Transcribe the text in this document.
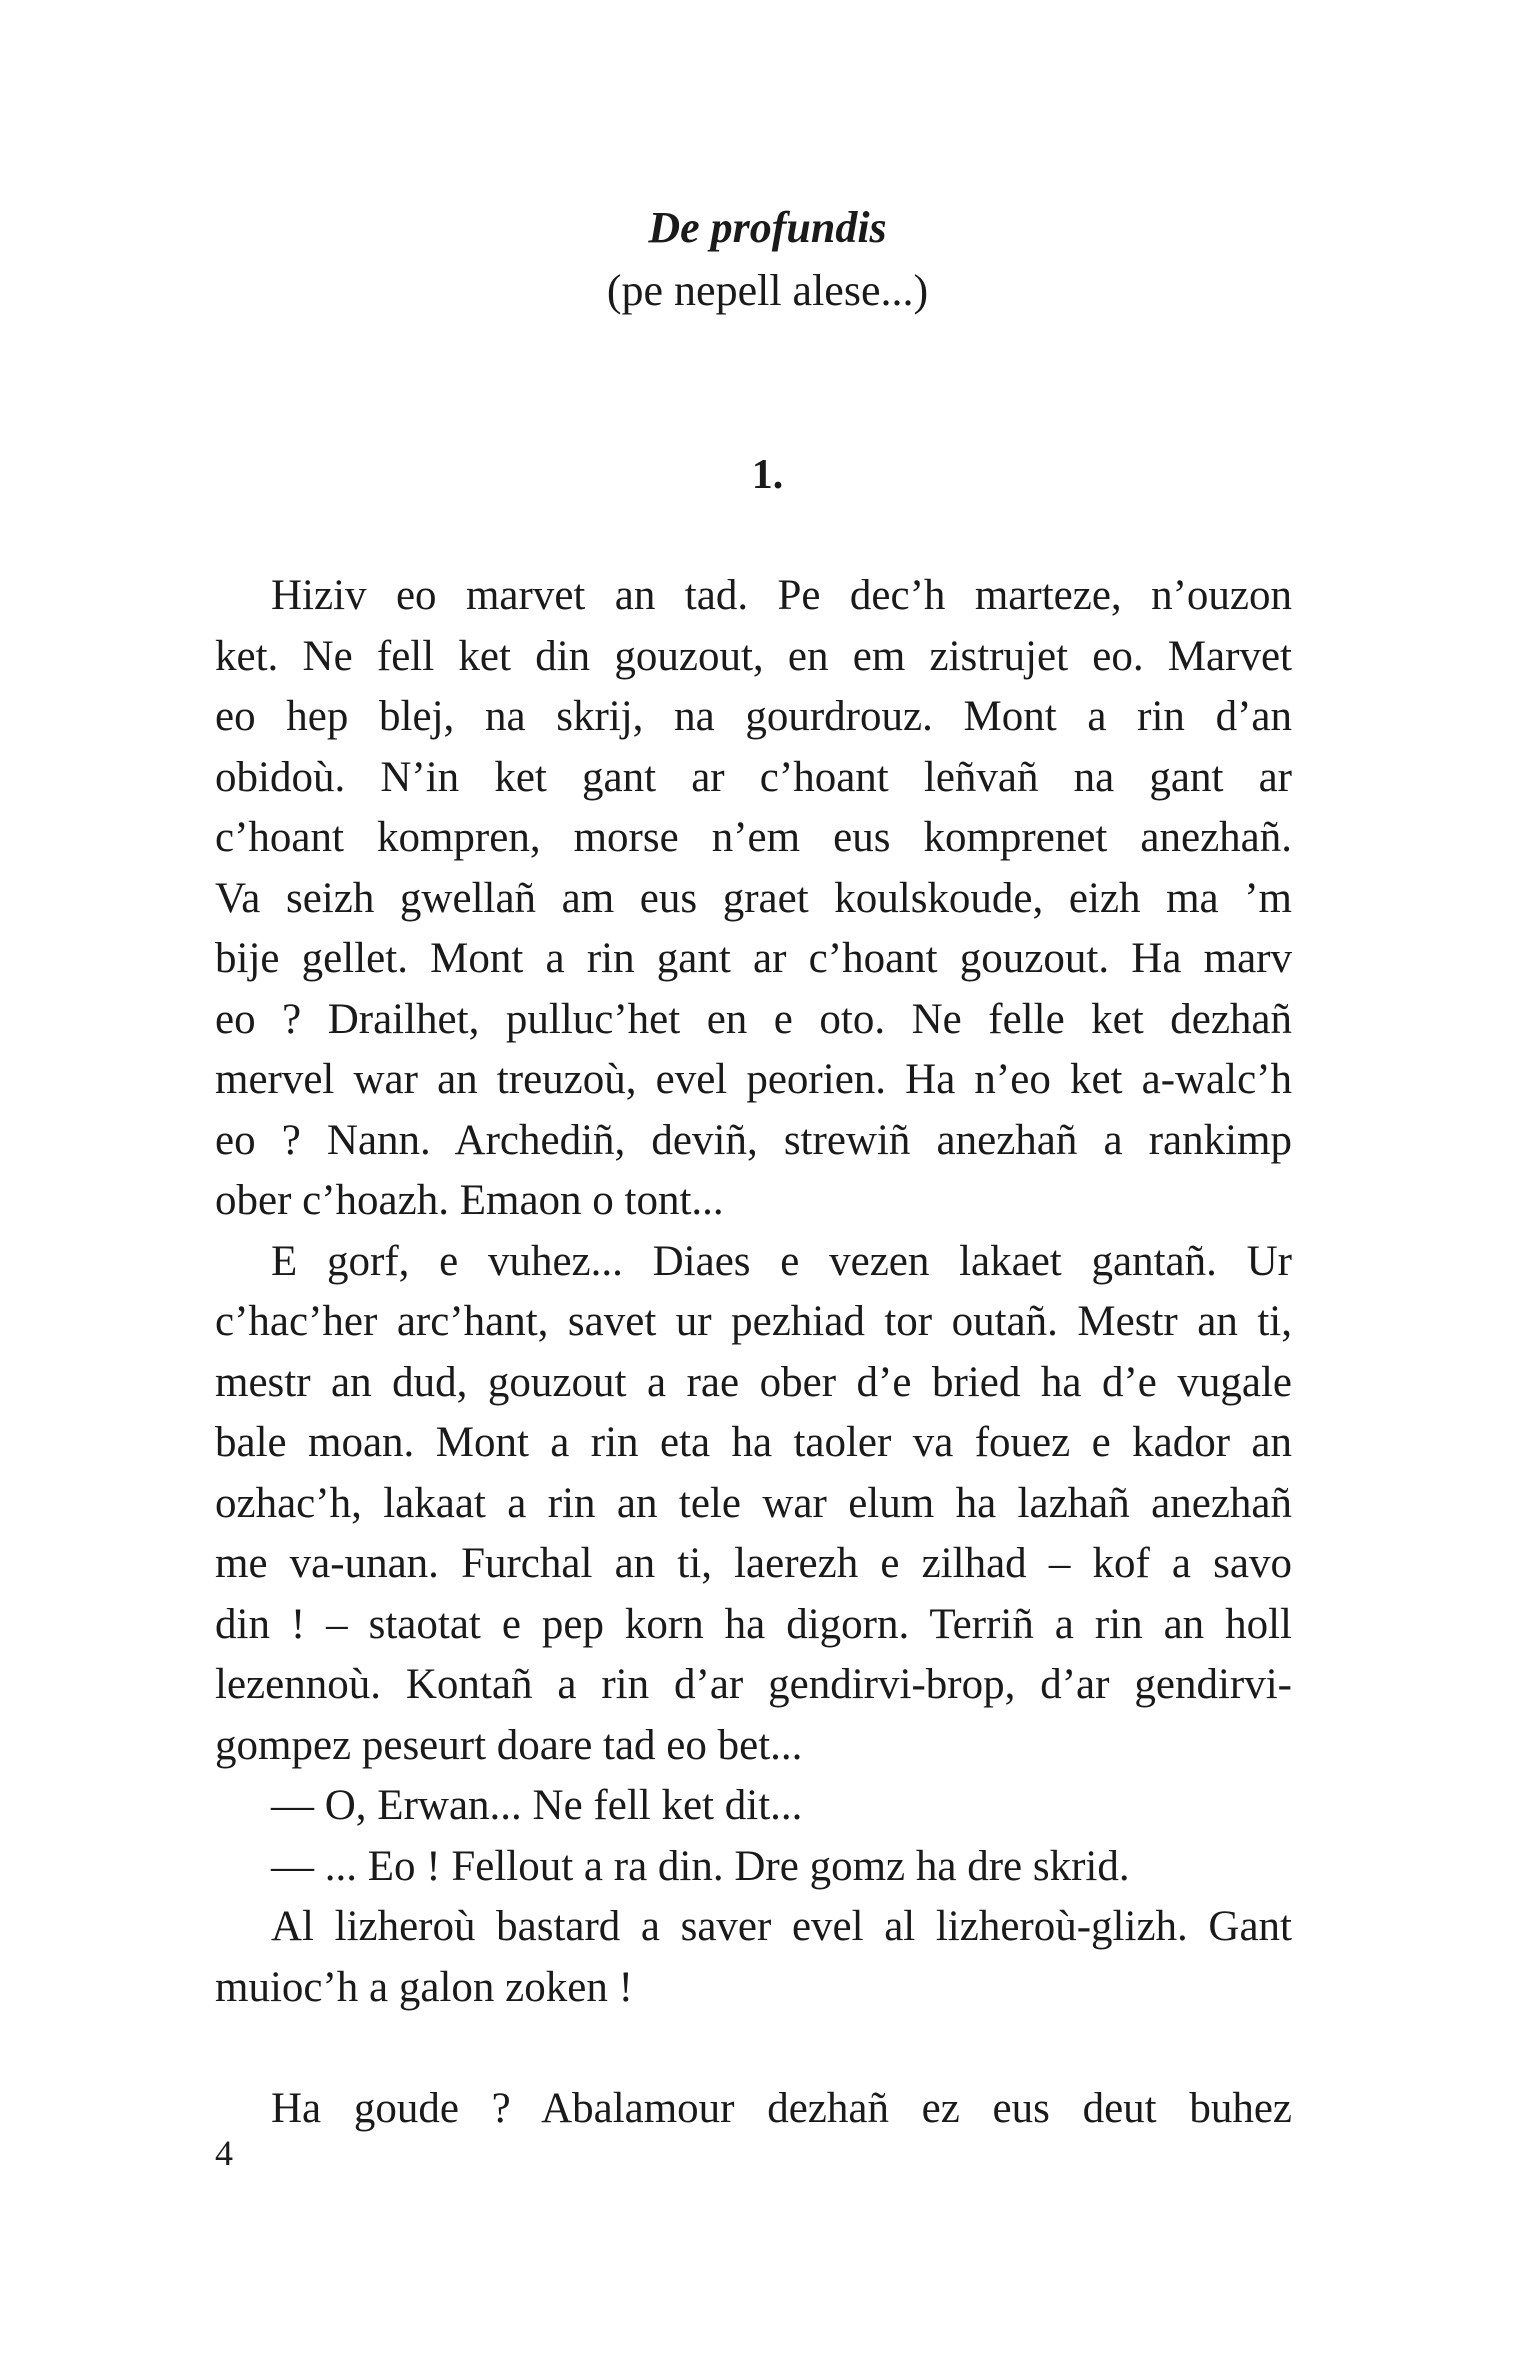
De profundis
(pe nepell alese...)
1.
Hiziv eo marvet an tad. Pe dec’h marteze, n’ouzon
ket. Ne fell ket din gouzout, en em zistrujet eo. Marvet
eo hep blej, na skrij, na gourdrouz. Mont a rin d’an
obidoù. N’in ket gant ar c’hoant leñvañ na gant ar
c’hoant kompren, morse n’em eus komprenet anezhañ.
Va seizh gwellañ am eus graet koulskoude, eizh ma ’m
bije gellet. Mont a rin gant ar c’hoant gouzout. Ha marv
eo ? Drailhet, pulluc’het en e oto. Ne felle ket dezhañ
mervel war an treuzoù, evel peorien. Ha n’eo ket a-walc’h
eo ? Nann. Archediñ, deviñ, strewiñ anezhañ a rankimp
ober c’hoazh. Emaon o tont...
E gorf, e vuhez... Diaes e vezen lakaet gantañ. Ur
c’hac’her arc’hant, savet ur pezhiad tor outañ. Mestr an ti,
mestr an dud, gouzout a rae ober d’e bried ha d’e vugale
bale moan. Mont a rin eta ha taoler va fouez e kador an
ozhac’h, lakaat a rin an tele war elum ha lazhañ anezhañ
me va-unan. Furchal an ti, laerezh e zilhad – kof a savo
din ! – staotat e pep korn ha digorn. Terriñ a rin an holl
lezennoù. Kontañ a rin d’ar gendirvi-brop, d’ar gendirvi-
gompez peseurt doare tad eo bet...
— O, Erwan... Ne fell ket dit...
— ... Eo ! Fellout a ra din. Dre gomz ha dre skrid.
Al lizheroù bastard a saver evel al lizheroù-glizh. Gant
muioc’h a galon zoken !
Ha goude ? Abalamour dezhañ ez eus deut buhez
4
